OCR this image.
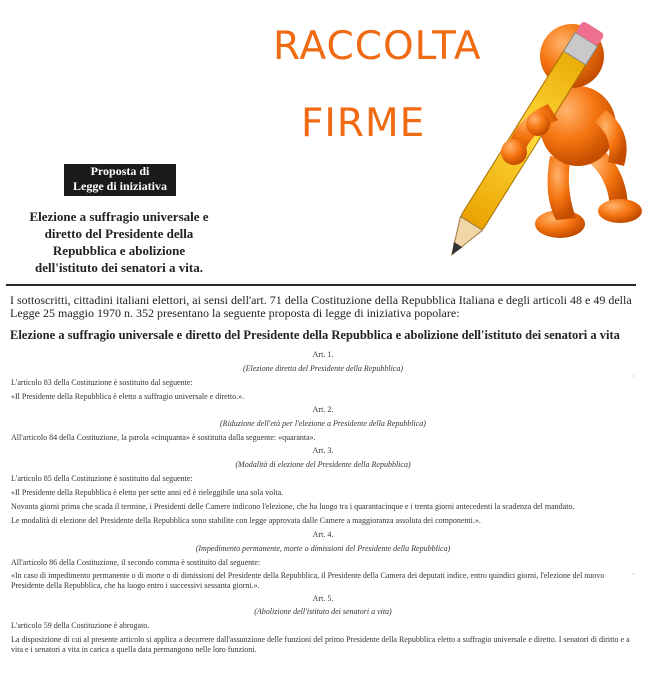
RACCOLTA
FIRME
Proposta di
Legge di iniziativa popolare
Elezione a suffragio universale e
diretto del Presidente della
Repubblica e abolizione
dell'istituto dei senatori a vita.
I sottoscritti, cittadini italiani elettori, ai sensi dell'art. 71 della Costituzione della Repubblica Italiana e degli articoli 48 e 49 della Legge 25 maggio 1970 n. 352 presentano la seguente proposta di legge di iniziativa popolare:
Elezione a suffragio universale e diretto del Presidente della Repubblica e abolizione dell'istituto dei senatori a vita
Art. 1.
(Elezione diretta del Presidente della Repubblica)
L'articolo 83 della Costituzione è sostituito dal seguente:
«Il Presidente della Repubblica è eletto a suffragio universale e diretto.».
Art. 2.
(Riduzione dell'età per l'elezione a Presidente della Repubblica)
All'articolo 84 della Costituzione, la parola «cinquanta» è sostituita dalla seguente: «quaranta».
Art. 3.
(Modalità di elezione del Presidente della Repubblica)
L'articolo 85 della Costituzione è sostituito dal seguente:
«Il Presidente della Repubblica è eletto per sette anni ed è rieleggibile una sola volta.
Novanta giorni prima che scada il termine, i Presidenti delle Camere indicono l'elezione, che ha luogo tra i quarantacinque e i trenta giorni antecedenti la scadenza del mandato.
Le modalità di elezione del Presidente della Repubblica sono stabilite con legge approvata dalle Camere a maggioranza assoluta dei componenti.».
Art. 4.
(Impedimento permanente, morte o dimissioni del Presidente della Repubblica)
All'articolo 86 della Costituzione, il secondo comma è sostituito dal seguente:
«In caso di impedimento permanente o di morte o di dimissioni del Presidente della Repubblica, il Presidente della Camera dei deputati indice, entro quindici giorni, l'elezione del nuovo
Presidente della Repubblica, che ha luogo entro i successivi sessanta giorni.».
Art. 5.
(Abolizione dell'istituto dei senatori a vita)
L'articolo 59 della Costituzione è abrogato.
La disposizione di cui al presente articolo si applica a decorrere dall'assunzione delle funzioni del primo Presidente della Repubblica eletto a suffragio universale e diretto. I senatori di diritto e a
vita e i senatori a vita in carica a quella data permangono nelle loro funzioni.
·
·
